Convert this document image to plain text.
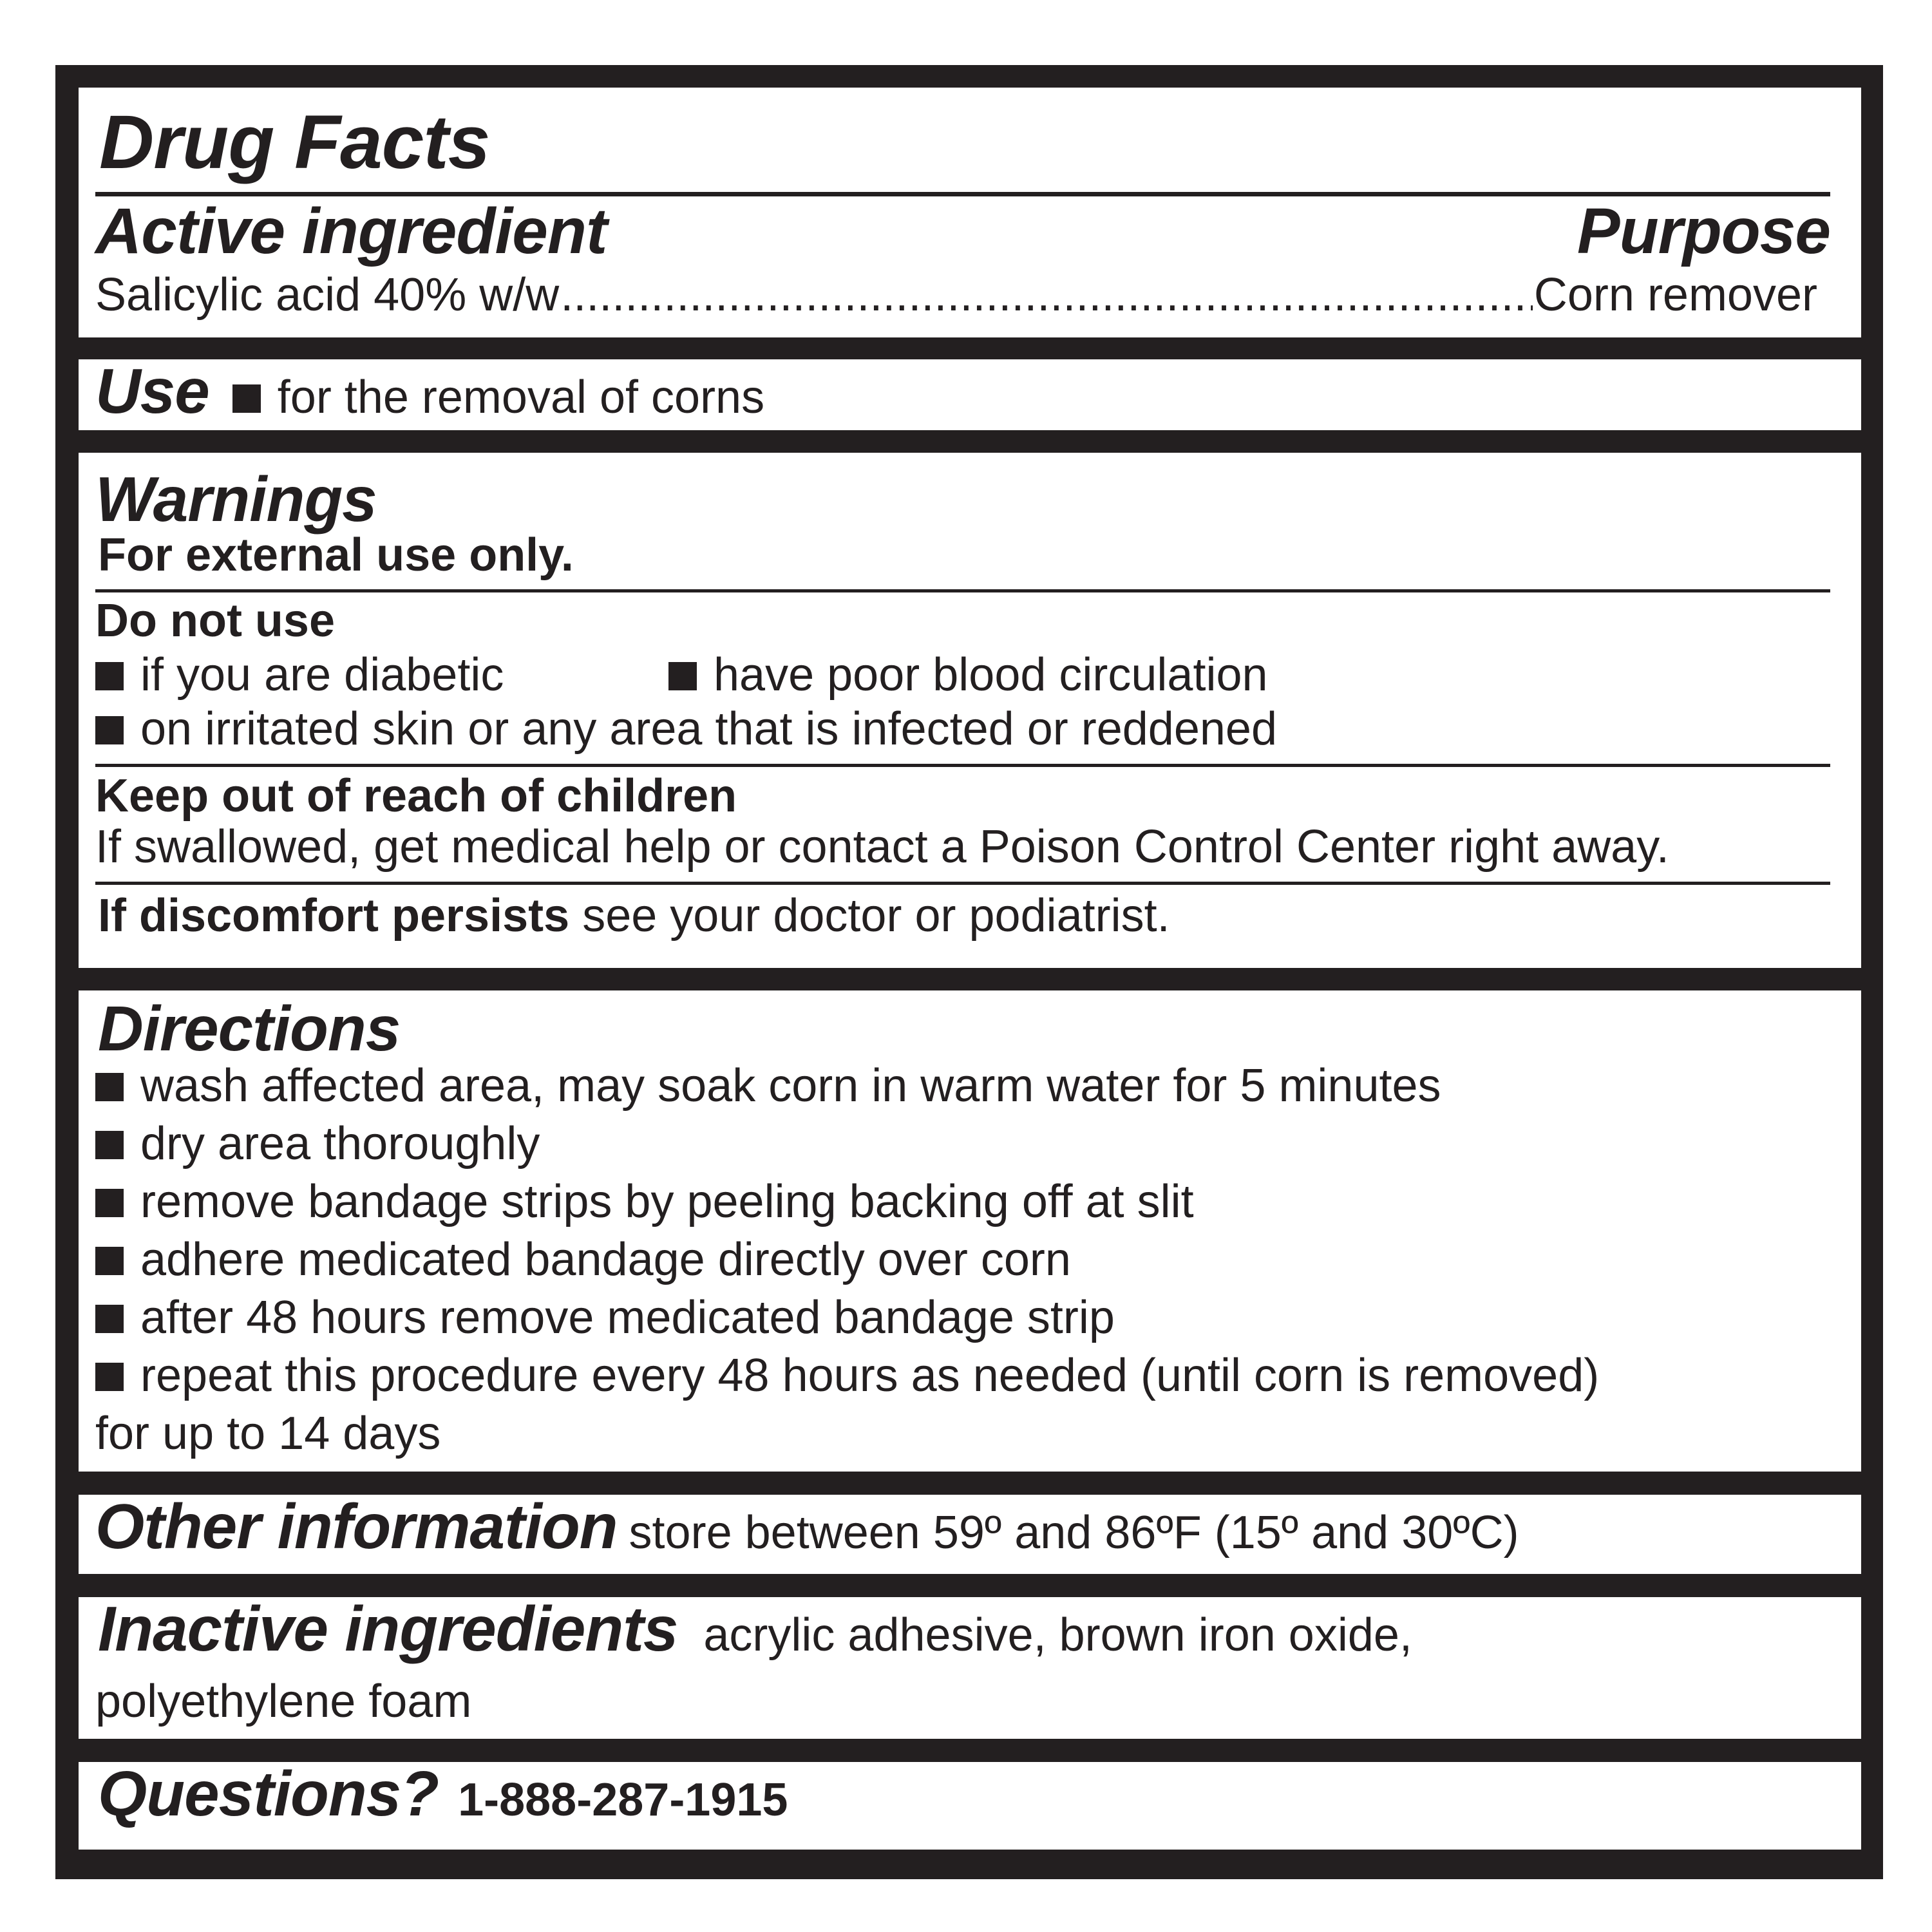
Drug Facts
Active ingredient	Purpose
Salicylic acid 40% w/w
.....	Corn remover
Use for the removal of corns
Warnings
For external use only.
Do not use
if you are diabetic	have poor blood circulation
on irritated skin or any area that is infected or reddened
Keep out of reach of children
If swallowed, get medical help or contact a Poison Control Center right away.
If discomfort persists see your doctor or podiatrist.
Directions
wash affected area, may soak corn in warm water for 5 minutes
dry area thoroughly
remove bandage strips by peeling backing off at slit
adhere medicated bandage directly over corn
after 48 hours remove medicated bandage strip
repeat this procedure every 48 hours as needed (until corn is removed)
for up to 14 days
Other information store between 59º and 86ºF (15º and 30ºC)
Inactive ingredients acrylic adhesive, brown iron oxide,
polyethylene foam
Questions? 1-888-287-1915
